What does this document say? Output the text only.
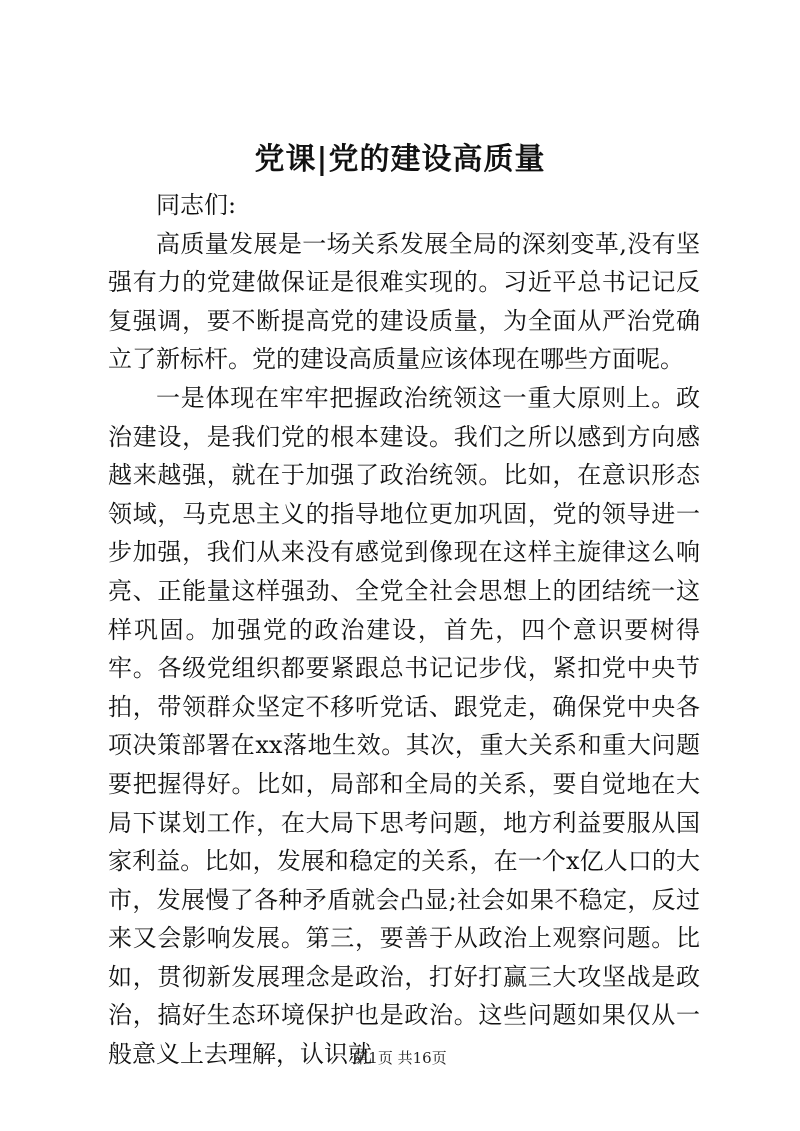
党课|党的建设高质量

同志们:

高质量发展是一场关系发展全局的深刻变革,没有坚强有力的党建做保证是很难实现的。习近平总书记记反复强调，要不断提高党的建设质量，为全面从严治党确立了新标杆。党的建设高质量应该体现在哪些方面呢。

一是体现在牢牢把握政治统领这一重大原则上。政治建设，是我们党的根本建设。我们之所以感到方向感越来越强，就在于加强了政治统领。比如，在意识形态领域，马克思主义的指导地位更加巩固，党的领导进一步加强，我们从来没有感觉到像现在这样主旋律这么响亮、正能量这样强劲、全党全社会思想上的团结统一这样巩固。加强党的政治建设，首先，四个意识要树得牢。各级党组织都要紧跟总书记记步伐，紧扣党中央节拍，带领群众坚定不移听党话、跟党走，确保党中央各项决策部署在xx落地生效。其次，重大关系和重大问题要把握得好。比如，局部和全局的关系，要自觉地在大局下谋划工作，在大局下思考问题，地方利益要服从国家利益。比如，发展和稳定的关系，在一个x亿人口的大市，发展慢了各种矛盾就会凸显;社会如果不稳定，反过来又会影响发展。第三，要善于从政治上观察问题。比如，贯彻新发展理念是政治，打好打赢三大攻坚战是政治，搞好生态环境保护也是政治。这些问题如果仅从一般意义上去理解，认识就

第1页 共16页
